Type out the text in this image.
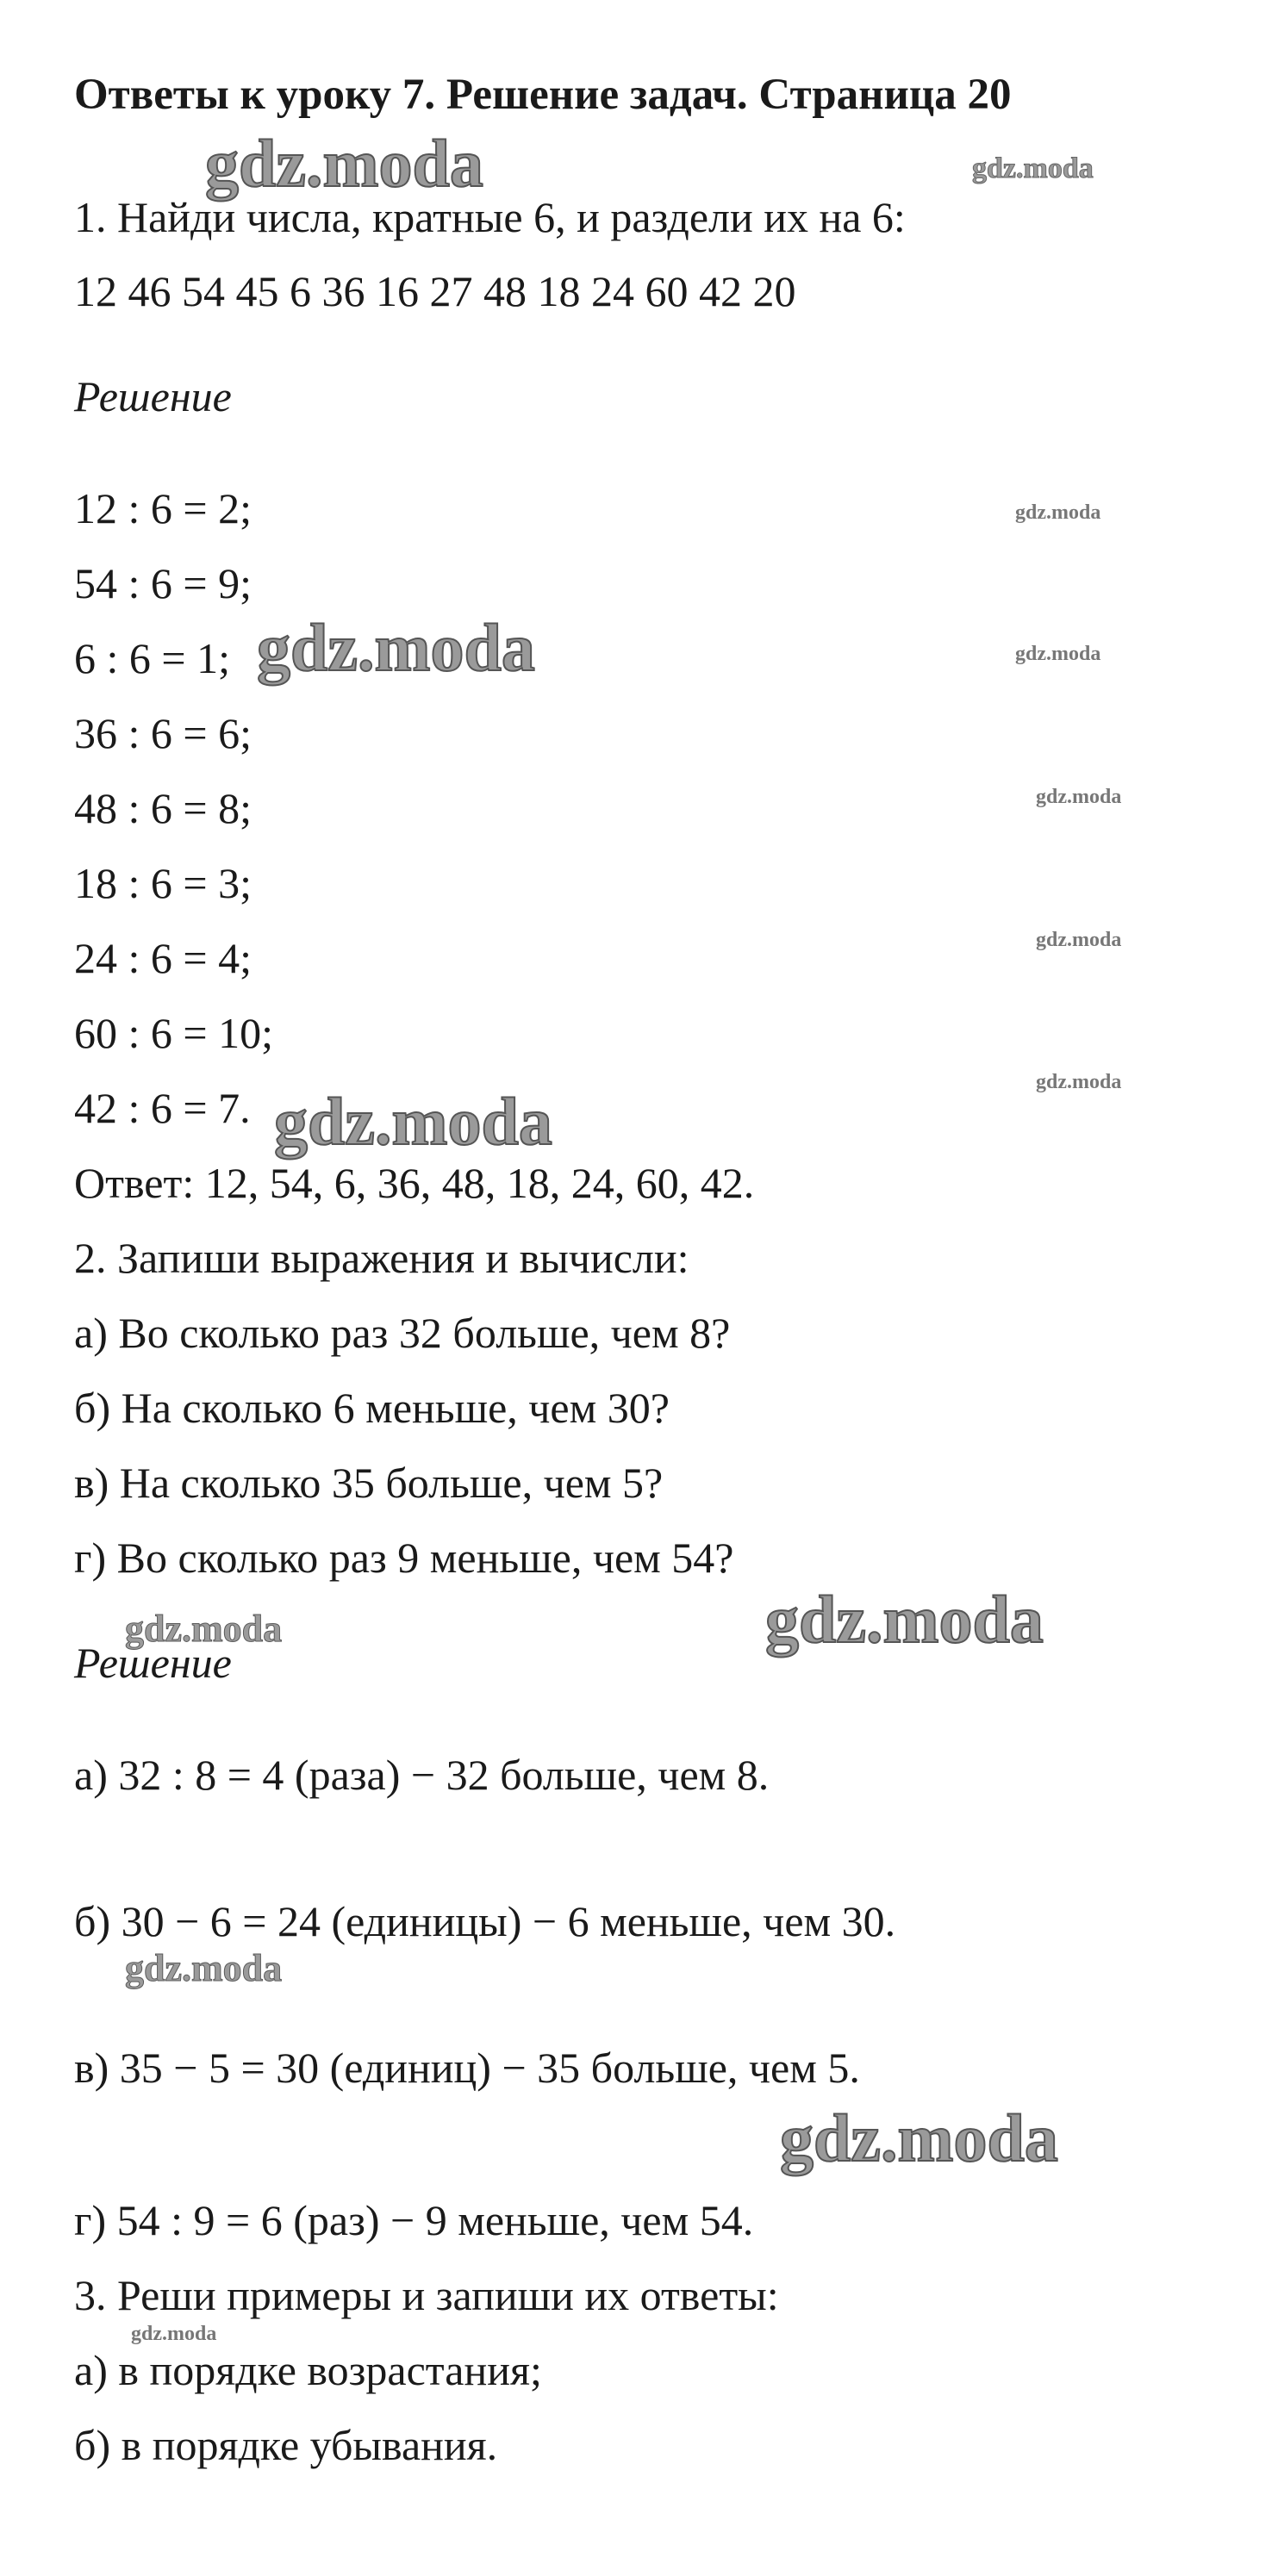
Ответы к уроку 7. Решение задач. Страница 20
1. Найди числа, кратные 6, и раздели их на 6:
12 46 54 45 6 36 16 27 48 18 24 60 42 20
Решение
12 : 6 = 2;
54 : 6 = 9;
6 : 6 = 1;
36 : 6 = 6;
48 : 6 = 8;
18 : 6 = 3;
24 : 6 = 4;
60 : 6 = 10;
42 : 6 = 7.
Ответ: 12, 54, 6, 36, 48, 18, 24, 60, 42.
2. Запиши выражения и вычисли:
а) Во сколько раз 32 больше, чем 8?
б) На сколько 6 меньше, чем 30?
в) На сколько 35 больше, чем 5?
г) Во сколько раз 9 меньше, чем 54?
Решение
а) 32 : 8 = 4 (раза) − 32 больше, чем 8.
б) 30 − 6 = 24 (единицы) − 6 меньше, чем 30.
в) 35 − 5 = 30 (единиц) − 35 больше, чем 5.
г) 54 : 9 = 6 (раз) − 9 меньше, чем 54.
3. Реши примеры и запиши их ответы:
а) в порядке возрастания;
б) в порядке убывания.
gdz.moda	gdz.moda
gdz.moda
gdz.moda	gdz.moda
gdz.moda
gdz.moda
gdz.moda
gdz.moda
gdz.moda
gdz.moda
gdz.moda
gdz.moda
gdz.moda
